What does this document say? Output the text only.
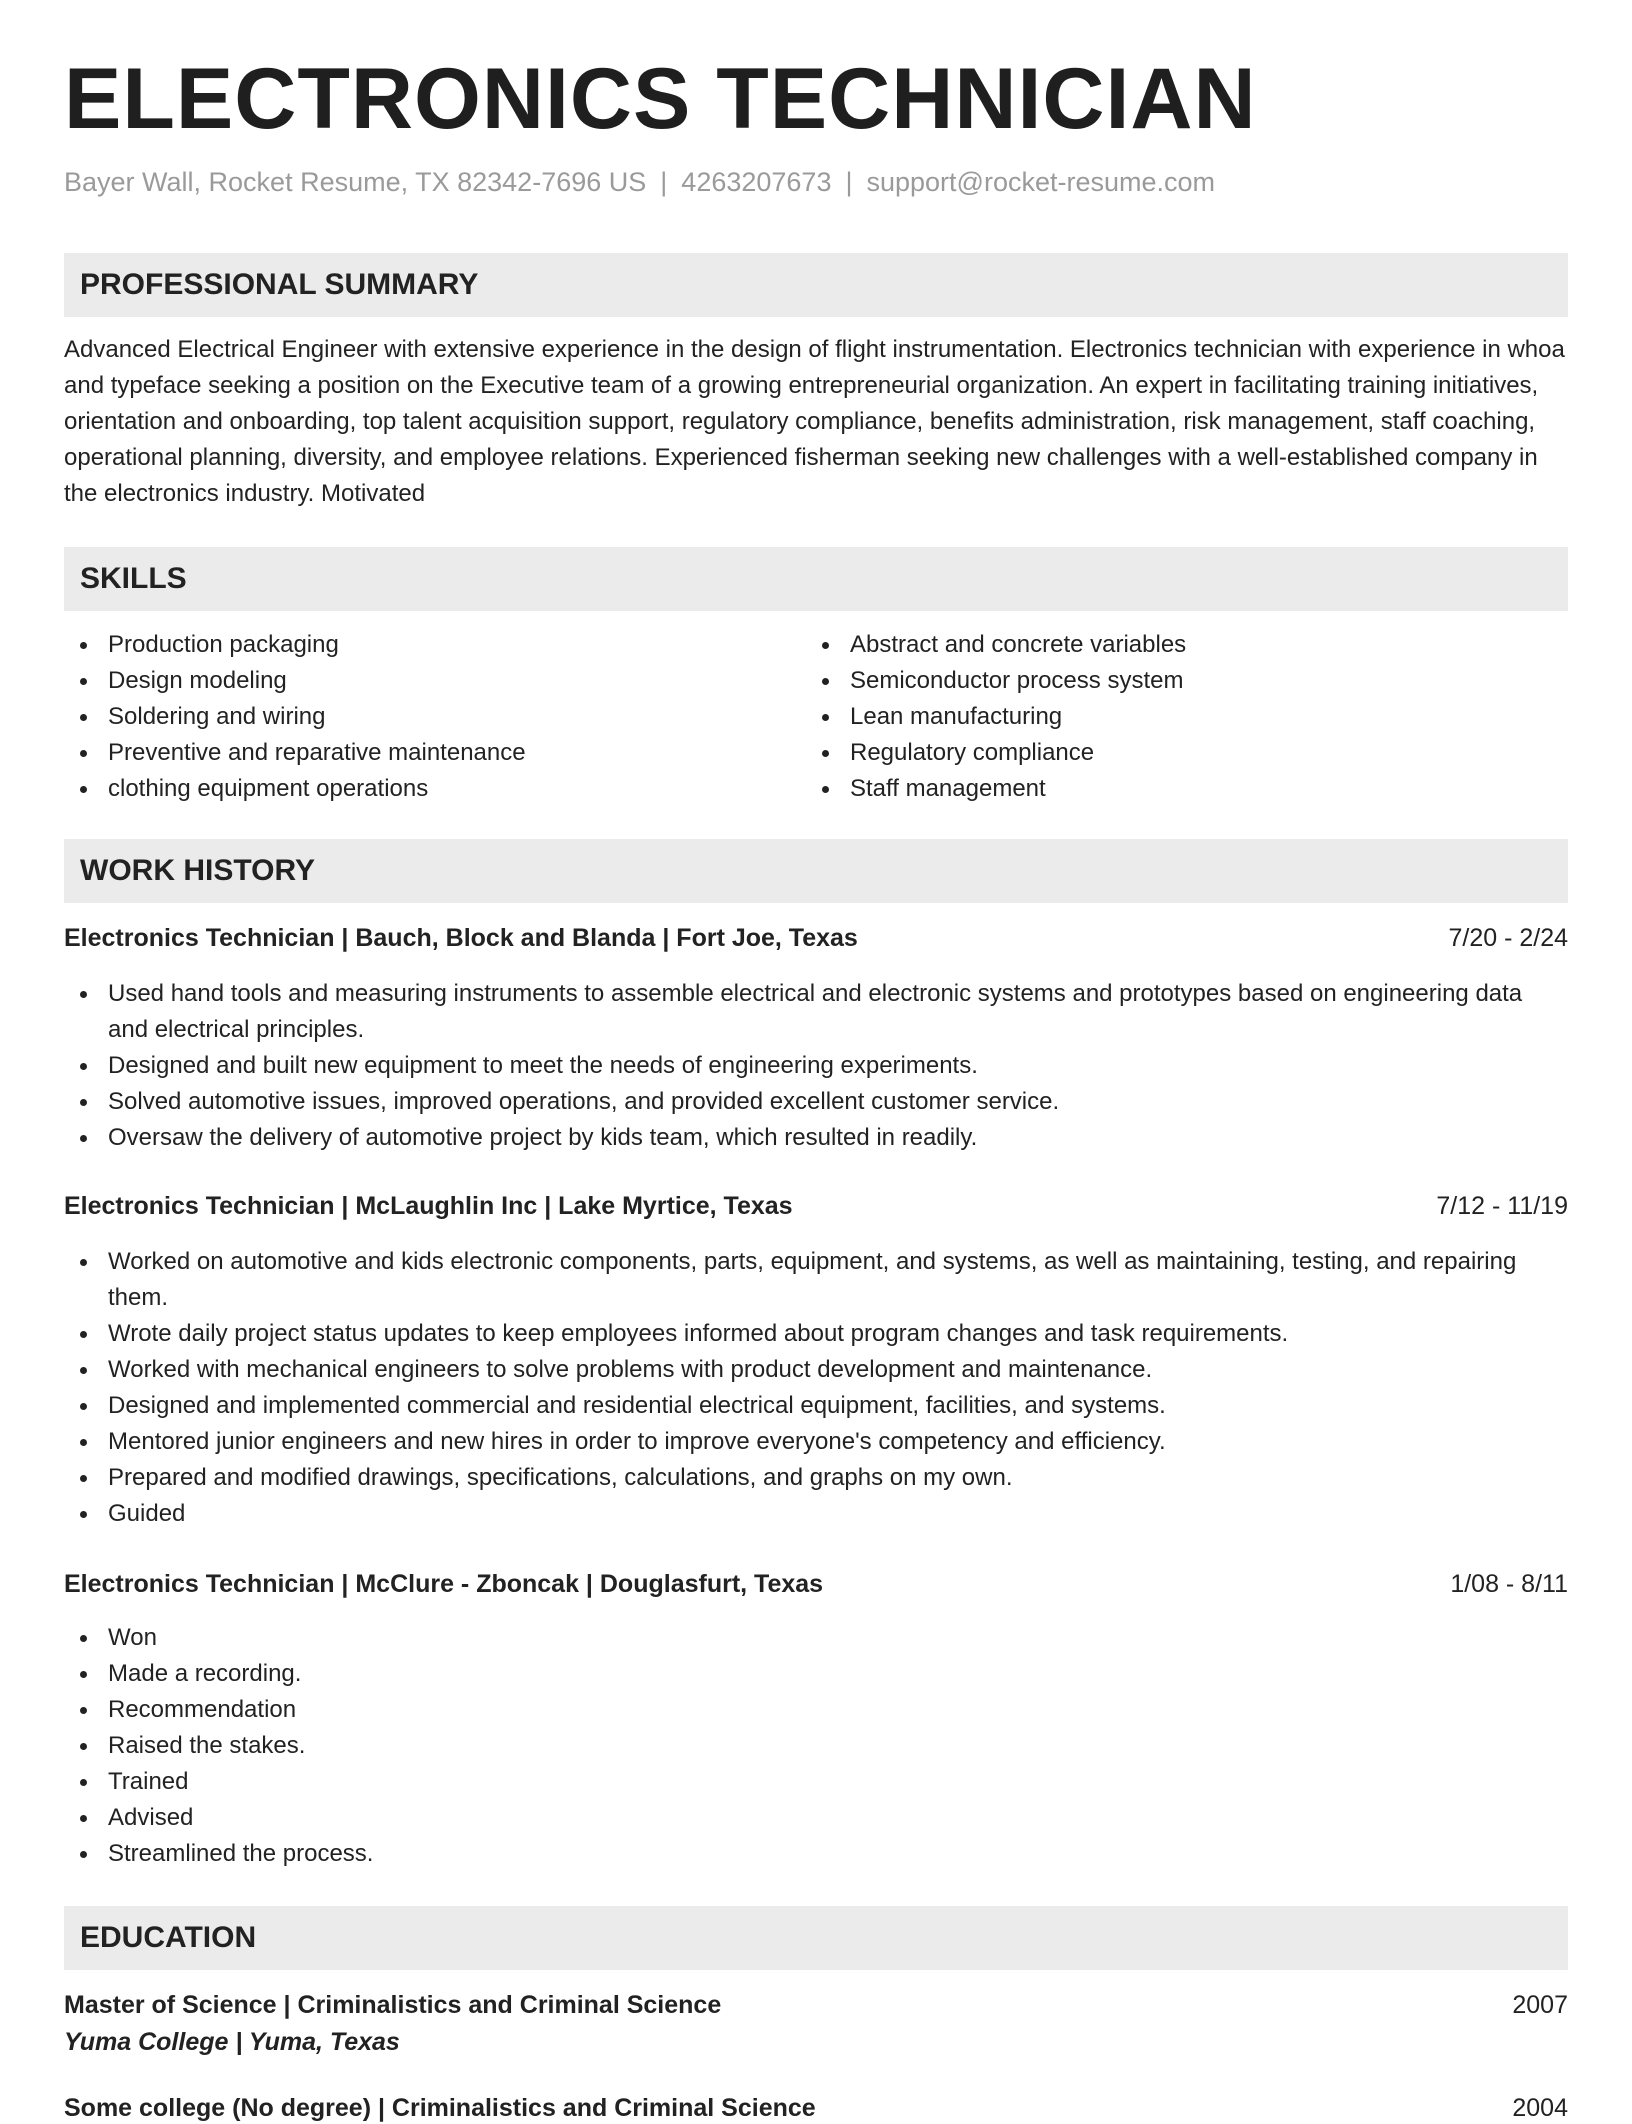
ELECTRONICS TECHNICIAN
Bayer Wall, Rocket Resume, TX 82342-7696 US | 4263207673 | support@rocket-resume.com
PROFESSIONAL SUMMARY
Advanced Electrical Engineer with extensive experience in the design of flight instrumentation. Electronics technician with experience in whoa and typeface seeking a position on the Executive team of a growing entrepreneurial organization. An expert in facilitating training initiatives, orientation and onboarding, top talent acquisition support, regulatory compliance, benefits administration, risk management, staff coaching, operational planning, diversity, and employee relations. Experienced fisherman seeking new challenges with a well-established company in the electronics industry. Motivated
SKILLS
Production packaging
Design modeling
Soldering and wiring
Preventive and reparative maintenance
clothing equipment operations
Abstract and concrete variables
Semiconductor process system
Lean manufacturing
Regulatory compliance
Staff management
WORK HISTORY
Electronics Technician | Bauch, Block and Blanda | Fort Joe, Texas	7/20 - 2/24
Used hand tools and measuring instruments to assemble electrical and electronic systems and prototypes based on engineering data and electrical principles.
Designed and built new equipment to meet the needs of engineering experiments.
Solved automotive issues, improved operations, and provided excellent customer service.
Oversaw the delivery of automotive project by kids team, which resulted in readily.
Electronics Technician | McLaughlin Inc | Lake Myrtice, Texas	7/12 - 11/19
Worked on automotive and kids electronic components, parts, equipment, and systems, as well as maintaining, testing, and repairing them.
Wrote daily project status updates to keep employees informed about program changes and task requirements.
Worked with mechanical engineers to solve problems with product development and maintenance.
Designed and implemented commercial and residential electrical equipment, facilities, and systems.
Mentored junior engineers and new hires in order to improve everyone's competency and efficiency.
Prepared and modified drawings, specifications, calculations, and graphs on my own.
Guided
Electronics Technician | McClure - Zboncak | Douglasfurt, Texas	1/08 - 8/11
Won
Made a recording.
Recommendation
Raised the stakes.
Trained
Advised
Streamlined the process.
EDUCATION
Master of Science | Criminalistics and Criminal Science	2007
Yuma College | Yuma, Texas
Some college (No degree) | Criminalistics and Criminal Science	2004
